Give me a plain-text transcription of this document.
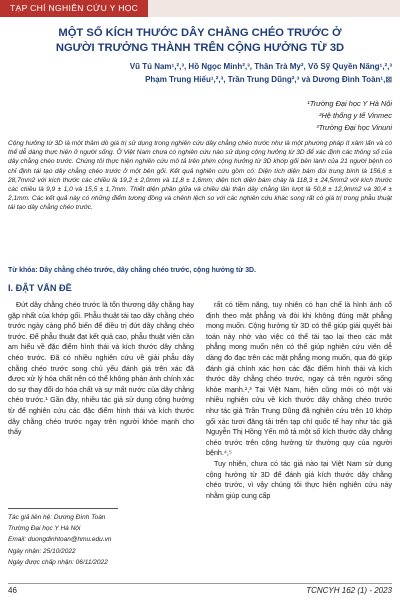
TẠP CHÍ NGHIÊN CỨU Y HỌC
MỘT SỐ KÍCH THƯỚC DÂY CHẰNG CHÉO TRƯỚC Ở
NGƯỜI TRƯỞNG THÀNH TRÊN CỘNG HƯỞNG TỪ 3D

Vũ Tú Nam¹,²,³, Hồ Ngọc Minh²,³, Thân Trà My², Võ Sỹ Quyền Năng¹,²,³
Phạm Trung Hiếu¹,²,³, Trần Trung Dũng²,³ và Dương Đình Toàn¹,⊠

¹Trường Đại học Y Hà Nội
²Hệ thống y tế Vinmec
³Trường Đại học Vinuni

Cộng hưởng từ 3D là một thăm dò giá trị sử dụng trong nghiên cứu dây chằng chéo trước như là một phương pháp ít xâm lấn và có thể dễ dàng thực hiện ở người sống. Ở Việt Nam chưa có nghiên cứu nào sử dụng cộng hưởng từ 3D để xác định các thông số của dây chằng chéo trước. Chúng tôi thực hiện nghiên cứu mô tả trên phim cộng hưởng từ 3D khớp gối bên lành của 21 người bệnh có chỉ định tái tạo dây chằng chéo trước ở một bên gối. Kết quả nghiên cứu gồm có: Diện tích diện bám đùi trung bình là 156,6 ± 28,7mm2 với kích thước các chiều là 19,2 ± 2,0mm và 11,8 ± 1,6mm; diện tích diện bám chày là 118,3 ± 24,5mm2 với kích thước các chiều là 9,9 ± 1,0 và 15,5 ± 1,7mm. Thiết diện phần giữa và chiều dài thân dây chằng lần lượt là 50,8 ± 12,9mm2 và 30,4 ± 2,1mm. Các kết quả này có những điểm tương đồng và chênh lệch so với các nghiên cứu khác song rất có giá trị trong phẫu thuật tái tạo dây chằng chéo trước.

Từ khóa: Dây chằng chéo trước, dây chằng chéo trước, cộng hưởng từ 3D.

I. ĐẶT VẤN ĐỀ

Đứt dây chằng chéo trước là tổn thương dây chằng hay gặp nhất của khớp gối. Phẫu thuật tái tạo dây chằng chéo trước ngày càng phổ biến để điều trị đứt dây chằng chéo trước. Để phẫu thuật đạt kết quả cao, phẫu thuật viên cần am hiểu về đặc điểm hình thái và kích thước dây chằng chéo trước. Đã có nhiều nghiên cứu về giải phẫu dây chằng chéo trước song chủ yếu đánh giá trên xác đã được xử lý hóa chất nên có thể không phản ánh chính xác do sự thay đổi do hóa chất và sự mất nước của dây chằng chéo trước.¹ Gần đây, nhiều tác giả sử dụng cộng hưởng từ để nghiên cứu các đặc điểm hình thái và kích thước dây chằng chéo trước ngay trên người khỏe mạnh cho thấy

rất có tiềm năng, tuy nhiên có hạn chế là hình ảnh cổ định theo mặt phẳng và đòi khi không đúng mặt phẳng mong muốn. Cộng hưởng từ 3D có thể giúp giải quyết bài toán này nhờ vào việc có thể tái tạo lại theo các mặt phẳng mong muốn nên có thể giúp nghiên cứu viên dễ dàng đo đạc trên các mặt phẳng mong muốn, qua đó giúp đánh giá chính xác hơn các đặc điểm hình thái và kích thước dây chằng chéo trước, ngay cả trên người sống khỏe mạnh.²,³ Tại Việt Nam, hiện cũng mới có một vài nhiều nghiên cứu về kích thước dây chằng chéo trước như tác giả Trần Trung Dũng đã nghiên cứu trên 10 khớp gối xác tươi đăng tải trên tạp chí quốc tế hay như tác giả Nguyễn Thị Hồng Yến mô tả một số kích thước dây chằng chéo trước trên cộng hưởng từ thường quy của người bệnh.⁴,⁵

Tuy nhiên, chưa có tác giả nào tại Việt Nam sử dụng cộng hưởng từ 3D để đánh giá kích thước dây chằng chéo trước, vì vậy chúng tôi thực hiện nghiên cứu này nhằm giúp cung cấp

Tác giả liên hệ: Dương Đình Toàn
Trường Đại học Y Hà Nội
Email: duongdinhtoan@hmu.edu.vn
Ngày nhận: 25/10/2022
Ngày được chấp nhận: 06/11/2022
46	TCNCYH 162 (1) - 2023
